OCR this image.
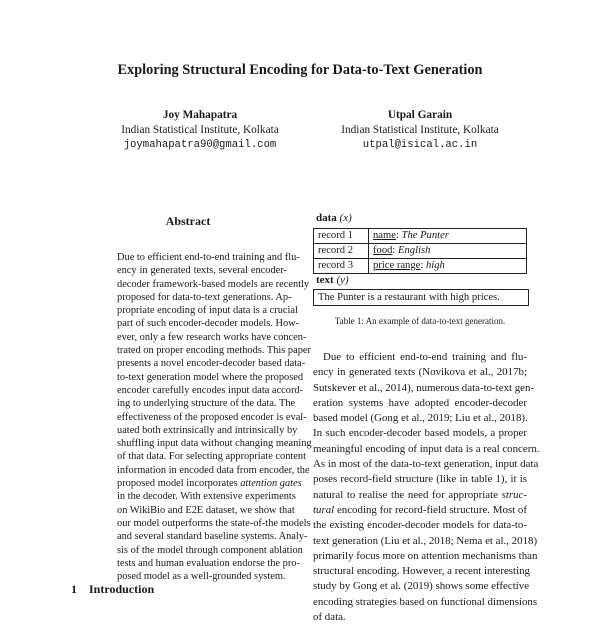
Exploring Structural Encoding for Data-to-Text Generation
Joy Mahapatra
Indian Statistical Institute, Kolkata
joymahapatra90@gmail.com
Utpal Garain
Indian Statistical Institute, Kolkata
utpal@isical.ac.in
Abstract
Due to efficient end-to-end training and flu-
ency in generated texts, several encoder-
decoder framework-based models are recently
proposed for data-to-text generations. Ap-
propriate encoding of input data is a crucial
part of such encoder-decoder models. How-
ever, only a few research works have concen-
trated on proper encoding methods. This paper
presents a novel encoder-decoder based data-
to-text generation model where the proposed
encoder carefully encodes input data accord-
ing to underlying structure of the data. The
effectiveness of the proposed encoder is eval-
uated both extrinsically and intrinsically by
shuffling input data without changing meaning
of that data. For selecting appropriate content
information in encoded data from encoder, the
proposed model incorporates attention gates
in the decoder. With extensive experiments
on WikiBio and E2E dataset, we show that
our model outperforms the state-of-the models
and several standard baseline systems. Analy-
sis of the model through component ablation
tests and human evaluation endorse the pro-
posed model as a well-grounded system.
1 Introduction
data (x)
record 1	name: The Punter
record 2	food: English
record 3	price range: high
text (y)
The Punter is a restaurant with high prices.
Table 1: An example of data-to-text generation.
Due to efficient end-to-end training and flu-
ency in generated texts (Novikova et al., 2017b;
Sutskever et al., 2014), numerous data-to-text gen-
eration systems have adopted encoder-decoder
based model (Gong et al., 2019; Liu et al., 2018).
In such encoder-decoder based models, a proper
meaningful encoding of input data is a real concern.
As in most of the data-to-text generation, input data
poses record-field structure (like in table 1), it is
natural to realise the need for appropriate struc-
tural encoding for record-field structure. Most of
the existing encoder-decoder models for data-to-
text generation (Liu et al., 2018; Nema et al., 2018)
primarily focus more on attention mechanisms than
structural encoding. However, a recent interesting
study by Gong et al. (2019) shows some effective
encoding strategies based on functional dimensions
of data.
